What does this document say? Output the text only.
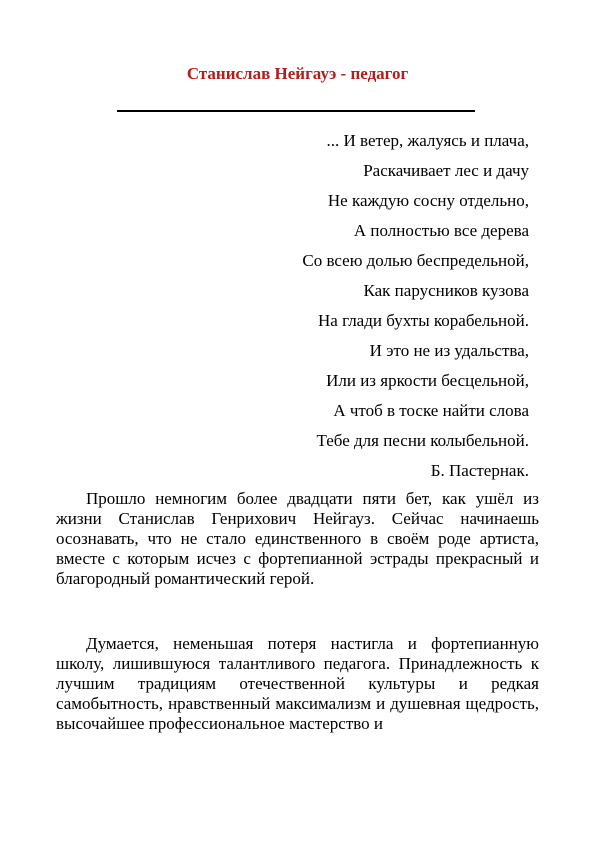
Станислав Нейгауэ - педагог
... И ветер, жалуясь и плача,
Раскачивает лес и дачу
Не каждую сосну отдельно,
А полностью все дерева
Со всею долью беспредельной,
Как парусников кузова
На глади бухты корабельной.
И это не из удальства,
Или из яркости бесцельной,
А чтоб в тоске найти слова
Тебе для песни колыбельной.
Б. Пастернак.

Прошло немногим более двадцати пяти бет, как ушёл из жизни Станислав Генрихович Нейгауз. Сейчас начинаешь осознавать, что не стало единственного в своём роде артиста, вместе с которым исчез с фортепианной эстрады прекрасный и благородный романтический герой.

Думается, неменьшая потеря настигла и фортепианную школу, лишившуюся талантливого педагога. Принадлежность к лучшим традициям отечественной культуры и редкая самобытность, нравственный максимализм и душевная щедрость, высочайшее профессиональное мастерство и
